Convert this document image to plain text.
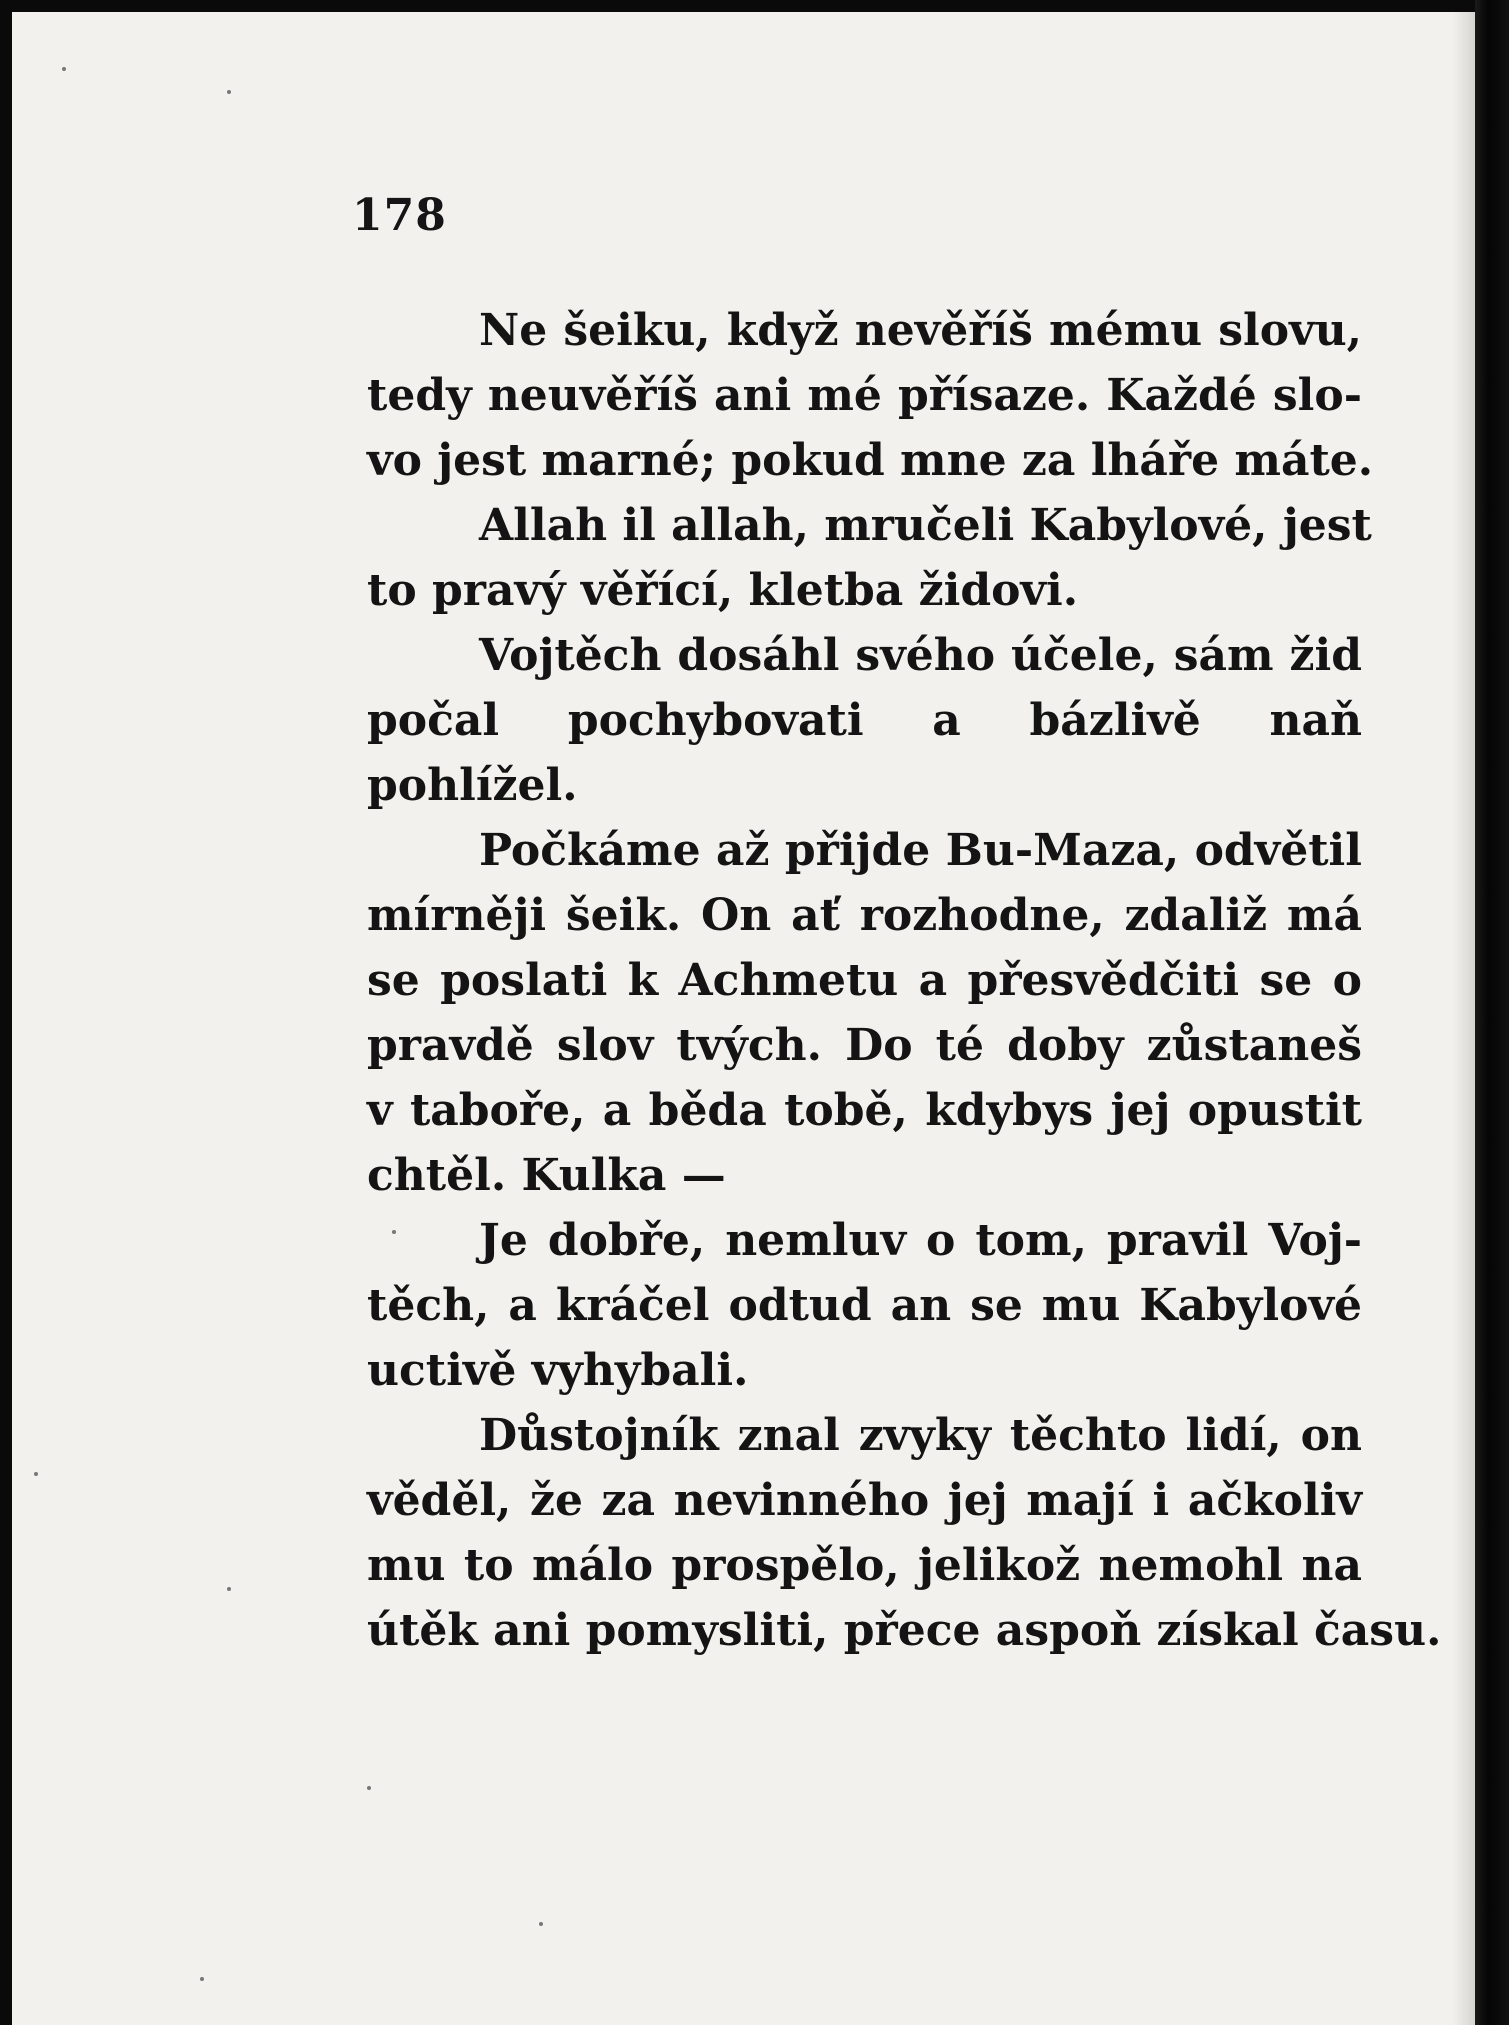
178
Ne šeiku, když nevěříš mému slovu,
tedy neuvěříš ani mé přísaze. Každé slo-
vo jest marné; pokud mne za lháře máte.
Allah il allah, mručeli Kabylové, jest
to pravý věřící, kletba židovi.
Vojtěch dosáhl svého účele, sám žid
počal pochybovati a bázlivě naň
pohlížel.
Počkáme až přijde Bu-Maza, odvětil
mírněji šeik. On ať rozhodne, zdaliž má
se poslati k Achmetu a přesvědčiti se o
pravdě slov tvých. Do té doby zůstaneš
v taboře, a běda tobě, kdybys jej opustit
chtěl. Kulka —
Je dobře, nemluv o tom, pravil Voj-
těch, a kráčel odtud an se mu Kabylové
uctivě vyhybali.
Důstojník znal zvyky těchto lidí, on
věděl, že za nevinného jej mají i ačkoliv
mu to málo prospělo, jelikož nemohl na
útěk ani pomysliti, přece aspoň získal času.
